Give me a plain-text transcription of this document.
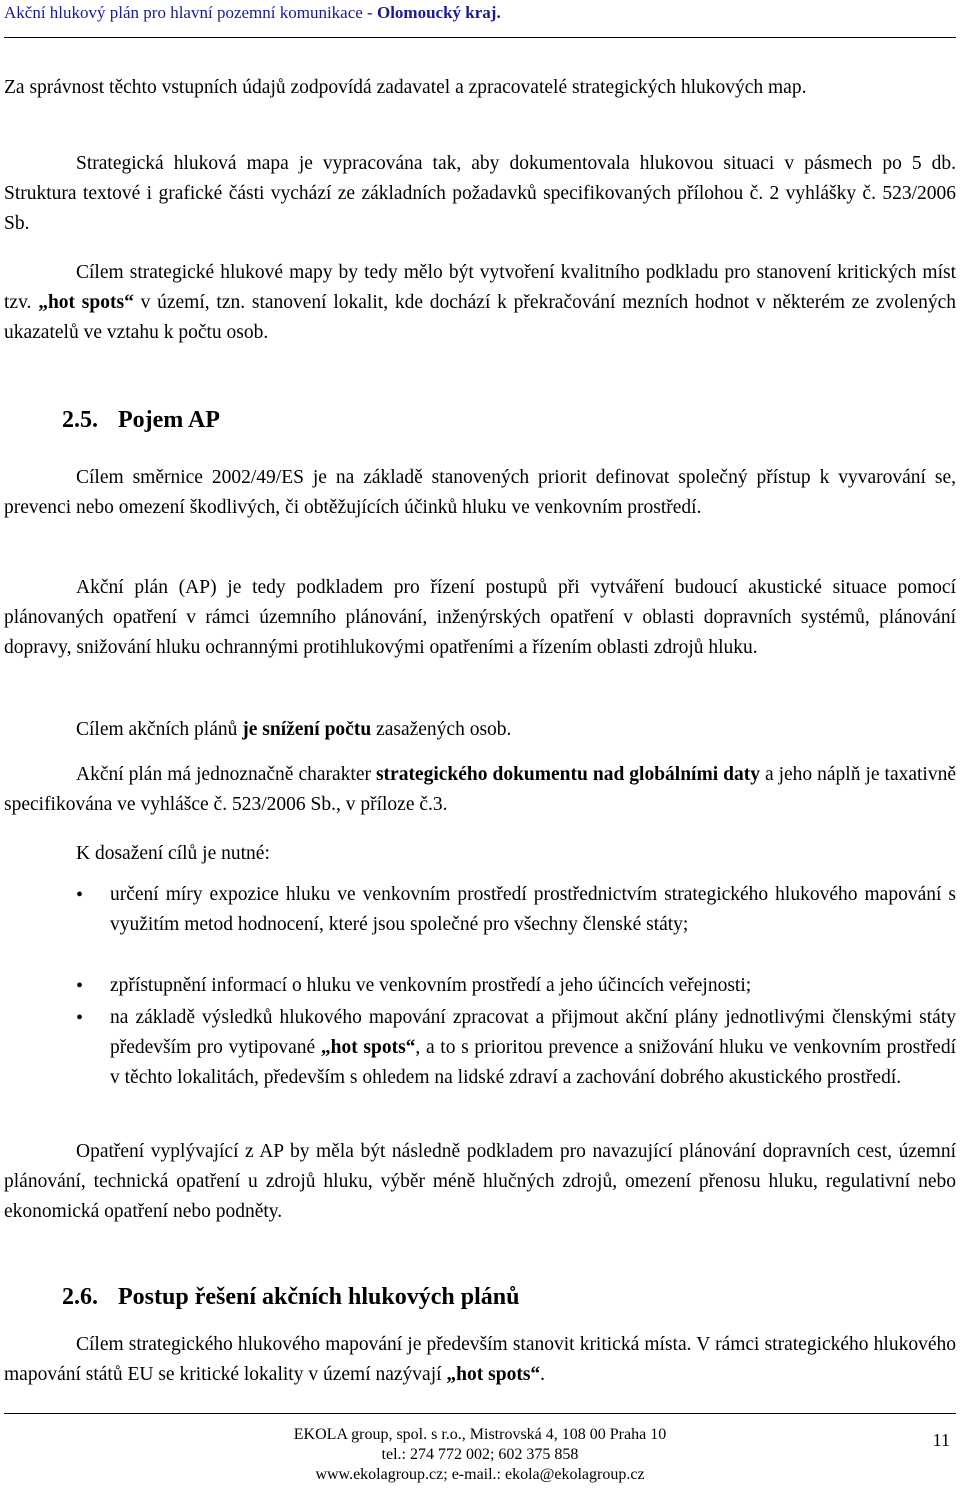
Akční hlukový plán pro hlavní pozemní komunikace - Olomoucký kraj.
Za správnost těchto vstupních údajů zodpovídá zadavatel a zpracovatelé strategických hlukových map.
Strategická hluková mapa je vypracována tak, aby dokumentovala hlukovou situaci v pásmech po 5 db. Struktura textové i grafické části vychází ze základních požadavků specifikovaných přílohou č. 2 vyhlášky č. 523/2006 Sb.
Cílem strategické hlukové mapy by tedy mělo být vytvoření kvalitního podkladu pro stanovení kritických míst tzv. „hot spots“ v území, tzn. stanovení lokalit, kde dochází k překračování mezních hodnot v některém ze zvolených ukazatelů ve vztahu k počtu osob.
2.5. Pojem AP
Cílem směrnice 2002/49/ES je na základě stanovených priorit definovat společný přístup k vyvarování se, prevenci nebo omezení škodlivých, či obtěžujících účinků hluku ve venkovním prostředí.
Akční plán (AP) je tedy podkladem pro řízení postupů při vytváření budoucí akustické situace pomocí plánovaných opatření v rámci územního plánování, inženýrských opatření v oblasti dopravních systémů, plánování dopravy, snižování hluku ochrannými protihlukovými opatřeními a řízením oblasti zdrojů hluku.
Cílem akčních plánů je snížení počtu zasažených osob.
Akční plán má jednoznačně charakter strategického dokumentu nad globálními daty a jeho náplň je taxativně specifikována ve vyhlášce č. 523/2006 Sb., v příloze č.3.
K dosažení cílů je nutné:
• určení míry expozice hluku ve venkovním prostředí prostřednictvím strategického hlukového mapování s využitím metod hodnocení, které jsou společné pro všechny členské státy;
• zpřístupnění informací o hluku ve venkovním prostředí a jeho účincích veřejnosti;
• na základě výsledků hlukového mapování zpracovat a přijmout akční plány jednotlivými členskými státy především pro vytipované „hot spots“, a to s prioritou prevence a snižování hluku ve venkovním prostředí v těchto lokalitách, především s ohledem na lidské zdraví a zachování dobrého akustického prostředí.
Opatření vyplývající z AP by měla být následně podkladem pro navazující plánování dopravních cest, územní plánování, technická opatření u zdrojů hluku, výběr méně hlučných zdrojů, omezení přenosu hluku, regulativní nebo ekonomická opatření nebo podněty.
2.6. Postup řešení akčních hlukových plánů
Cílem strategického hlukového mapování je především stanovit kritická místa. V rámci strategického hlukového mapování států EU se kritické lokality v území nazývají „hot spots“.
EKOLA group, spol. s r.o., Mistrovská 4, 108 00 Praha 10
tel.: 274 772 002; 602 375 858
www.ekolagroup.cz; e-mail.: ekola@ekolagroup.cz
11
